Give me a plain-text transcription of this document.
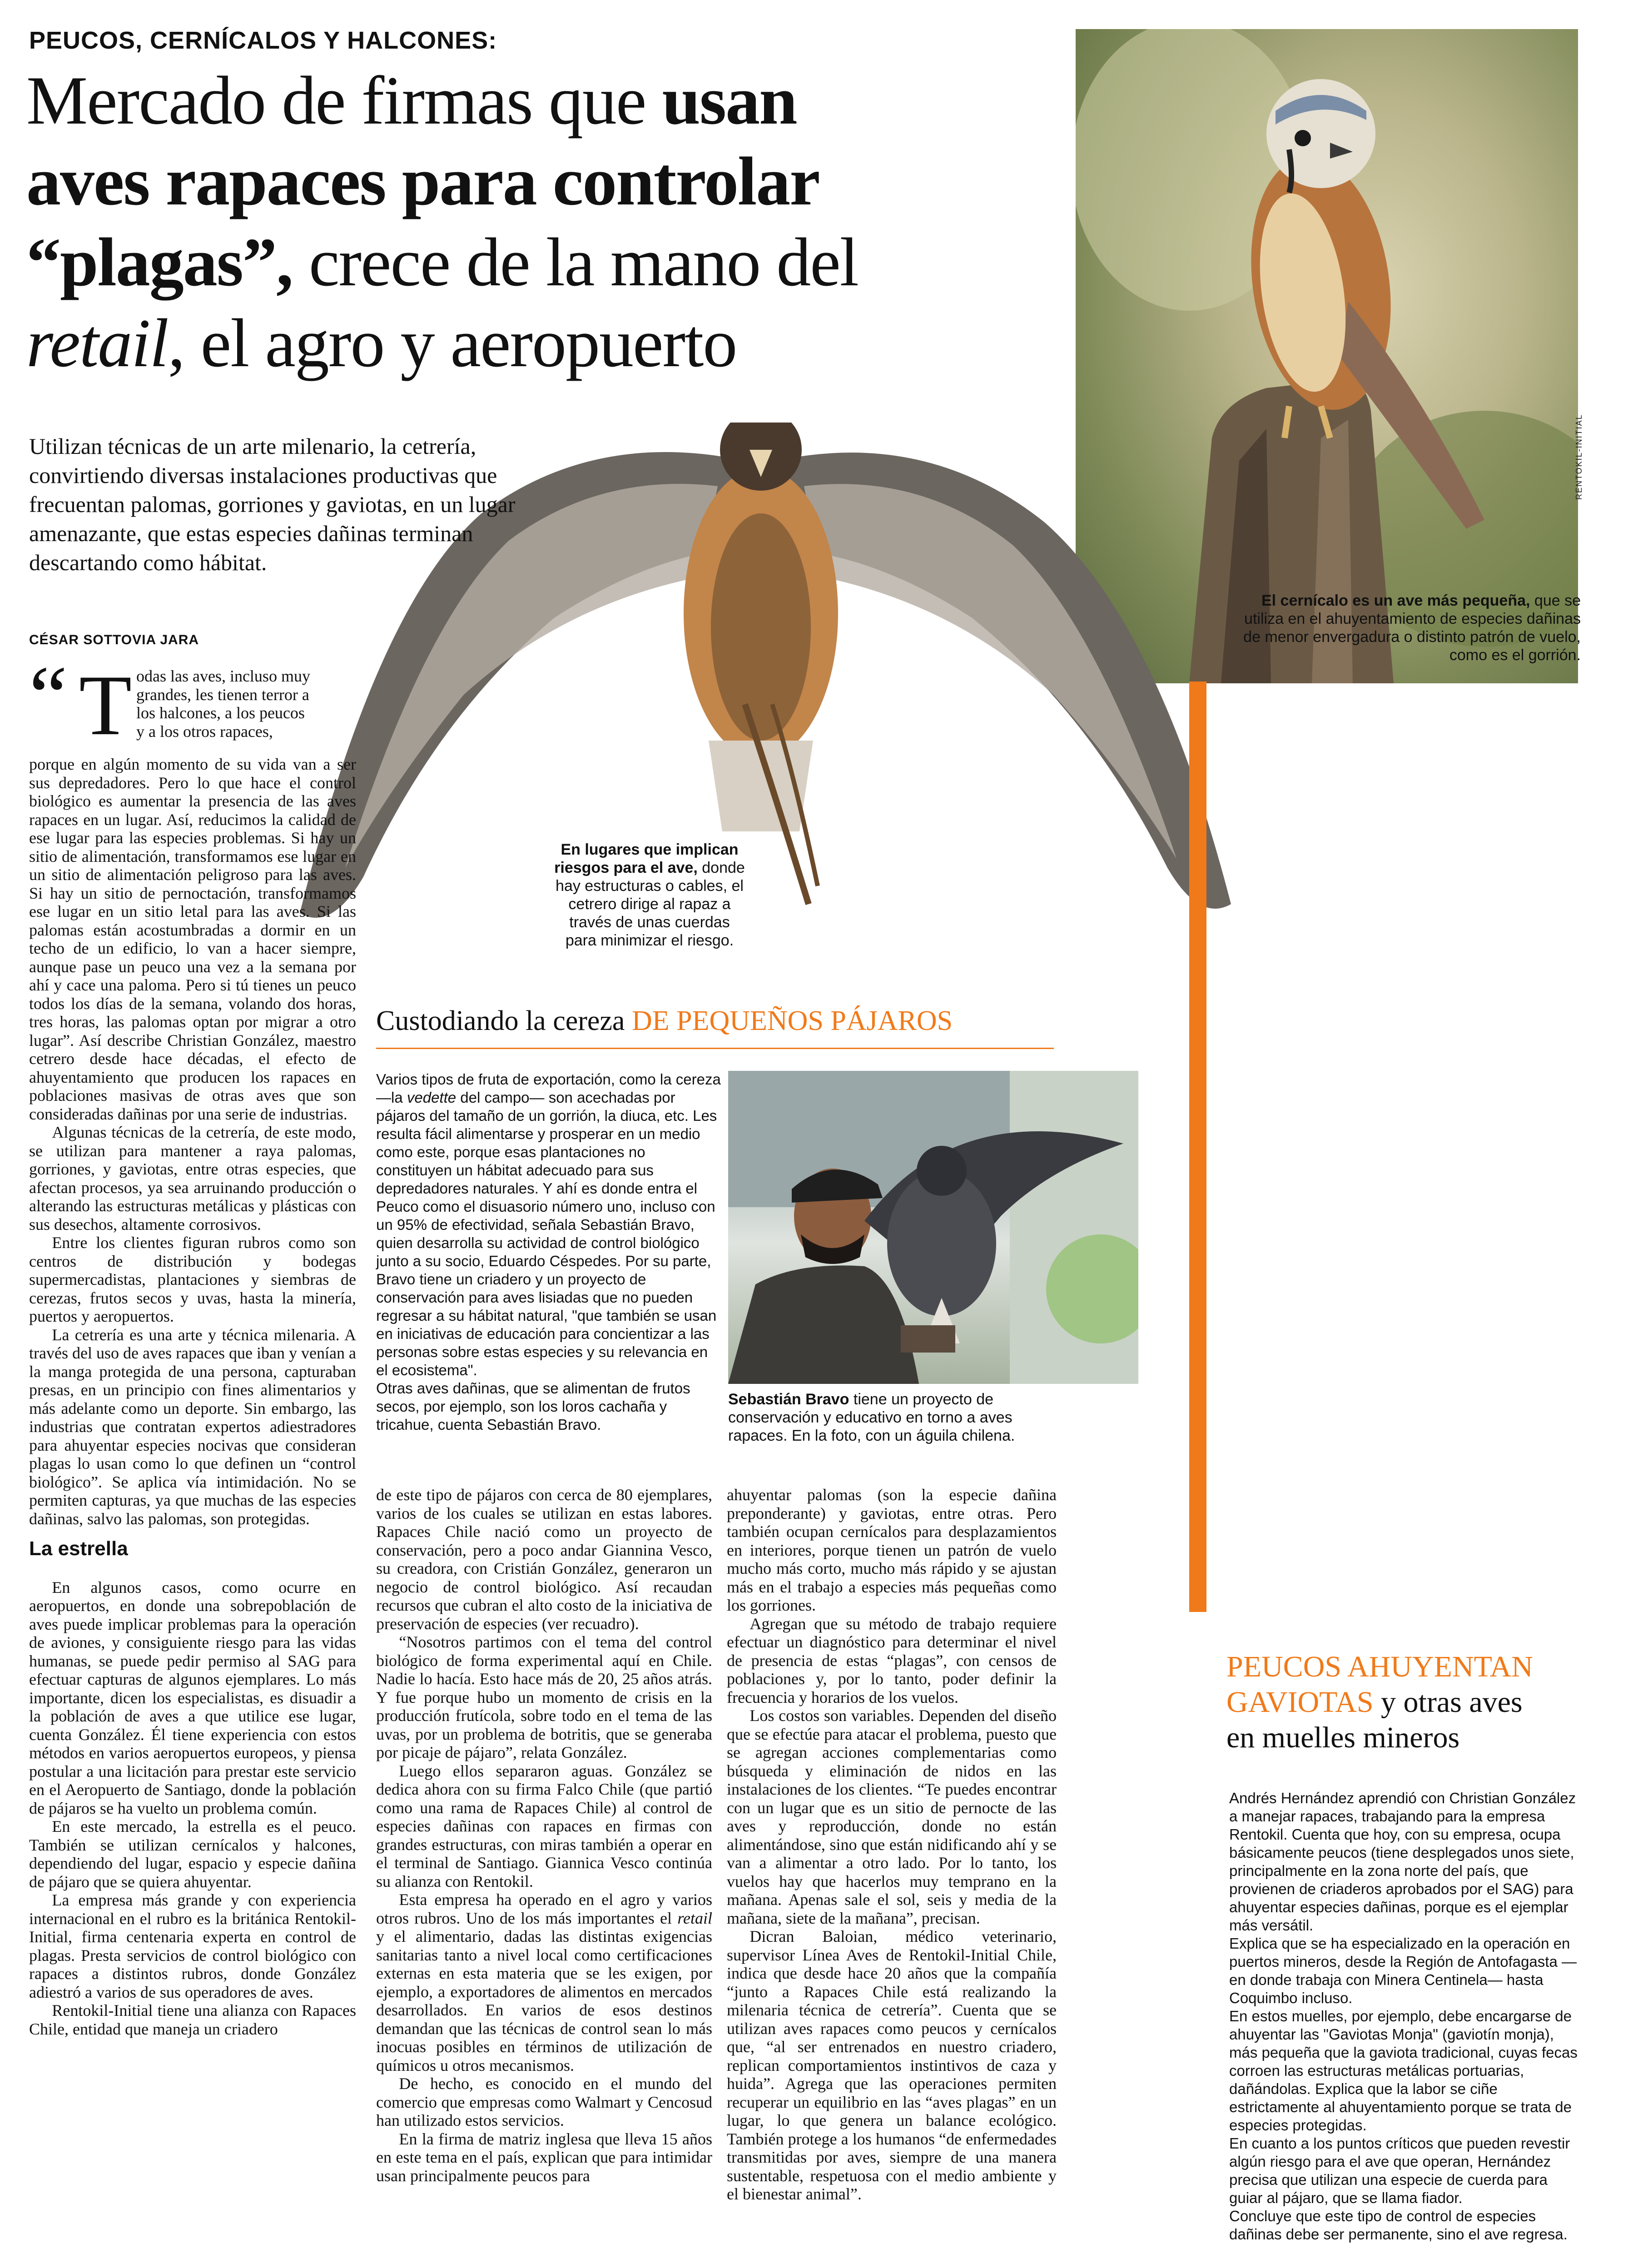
PEUCOS, CERNÍCALOS Y HALCONES:
Mercado de firmas que usan
aves rapaces para controlar
“plagas”, crece de la mano del
retail, el agro y aeropuerto
Utilizan técnicas de un arte milenario, la cetrería, convirtiendo diversas instalaciones productivas que frecuentan palomas, gorriones y gaviotas, en un lugar amenazante, que estas especies dañinas terminan descartando como hábitat.
CÉSAR SOTTOVIA JARA
RENTOKIL-INITIAL
El cernícalo es un ave más pequeña, que se utiliza en el ahuyentamiento de especies dañinas de menor envergadura o distinto patrón de vuelo, como es el gorrión.
En lugares que implican riesgos para el ave, donde hay estructuras o cables, el cetrero dirige al rapaz a través de unas cuerdas para minimizar el riesgo.
“ T odas las aves, incluso muy
grandes, les tienen terror a
los halcones, a los peucos
y a los otros rapaces,

porque en algún momento de su vida van a ser sus depredadores. Pero lo que hace el control biológico es aumentar la presencia de las aves rapaces en un lugar. Así, reducimos la calidad de ese lugar para las especies problemas. Si hay un sitio de alimentación, transformamos ese lugar en un sitio de alimentación peligroso para las aves. Si hay un sitio de pernoctación, transformamos ese lugar en un sitio letal para las aves. Si las palomas están acostumbradas a dormir en un techo de un edificio, lo van a hacer siempre, aunque pase un peuco una vez a la semana por ahí y cace una paloma. Pero si tú tienes un peuco todos los días de la semana, volando dos horas, tres horas, las palomas optan por migrar a otro lugar”. Así describe Christian González, maestro cetrero desde hace décadas, el efecto de ahuyentamiento que producen los rapaces en poblaciones masivas de otras aves que son consideradas dañinas por una serie de industrias.

Algunas técnicas de la cetrería, de este modo, se utilizan para mantener a raya palomas, gorriones, y gaviotas, entre otras especies, que afectan procesos, ya sea arruinando producción o alterando las estructuras metálicas y plásticas con sus desechos, altamente corrosivos.

Entre los clientes figuran rubros como son centros de distribución y bodegas supermercadistas, plantaciones y siembras de cerezas, frutos secos y uvas, hasta la minería, puertos y aeropuertos.

La cetrería es una arte y técnica milenaria. A través del uso de aves rapaces que iban y venían a la manga protegida de una persona, capturaban presas, en un principio con fines alimentarios y más adelante como un deporte. Sin embargo, las industrias que contratan expertos adiestradores para ahuyentar especies nocivas que consideran plagas lo usan como lo que definen un “control biológico”. Se aplica vía intimidación. No se permiten capturas, ya que muchas de las especies dañinas, salvo las palomas, son protegidas.

La estrella

En algunos casos, como ocurre en aeropuertos, en donde una sobrepoblación de aves puede implicar problemas para la operación de aviones, y consiguiente riesgo para las vidas humanas, se puede pedir permiso al SAG para efectuar capturas de algunos ejemplares. Lo más importante, dicen los especialistas, es disuadir a la población de aves a que utilice ese lugar, cuenta González. Él tiene experiencia con estos métodos en varios aeropuertos europeos, y piensa postular a una licitación para prestar este servicio en el Aeropuerto de Santiago, donde la población de pájaros se ha vuelto un problema común.

En este mercado, la estrella es el peuco. También se utilizan cernícalos y halcones, dependiendo del lugar, espacio y especie dañina de pájaro que se quiera ahuyentar.

La empresa más grande y con experiencia internacional en el rubro es la británica Rentokil-Initial, firma centenaria experta en control de plagas. Presta servicios de control biológico con rapaces a distintos rubros, donde González adiestró a varios de sus operadores de aves.

Rentokil-Initial tiene una alianza con Rapaces Chile, entidad que maneja un criadero

Custodiando la cereza DE PEQUEÑOS PÁJAROS
Varios tipos de fruta de exportación, como la cereza —la vedette del campo— son acechadas por pájaros del tamaño de un gorrión, la diuca, etc. Les resulta fácil alimentarse y prosperar en un medio como este, porque esas plantaciones no constituyen un hábitat adecuado para sus depredadores naturales. Y ahí es donde entra el Peuco como el disuasorio número uno, incluso con un 95% de efectividad, señala Sebastián Bravo, quien desarrolla su actividad de control biológico junto a su socio, Eduardo Céspedes. Por su parte, Bravo tiene un criadero y un proyecto de conservación para aves lisiadas que no pueden regresar a su hábitat natural, "que también se usan en iniciativas de educación para concientizar a las personas sobre estas especies y su relevancia en el ecosistema".
Otras aves dañinas, que se alimentan de frutos secos, por ejemplo, son los loros cachaña y tricahue, cuenta Sebastián Bravo.
Sebastián Bravo tiene un proyecto de conservación y educativo en torno a aves rapaces. En la foto, con un águila chilena.

de este tipo de pájaros con cerca de 80 ejemplares, varios de los cuales se utilizan en estas labores. Rapaces Chile nació como un proyecto de conservación, pero a poco andar Giannina Vesco, su creadora, con Cristián González, generaron un negocio de control biológico. Así recaudan recursos que cubran el alto costo de la iniciativa de preservación de especies (ver recuadro).

“Nosotros partimos con el tema del control biológico de forma experimental aquí en Chile. Nadie lo hacía. Esto hace más de 20, 25 años atrás. Y fue porque hubo un momento de crisis en la producción frutícola, sobre todo en el tema de las uvas, por un problema de botritis, que se generaba por picaje de pájaro”, relata González.

Luego ellos separaron aguas. González se dedica ahora con su firma Falco Chile (que partió como una rama de Rapaces Chile) al control de especies dañinas con rapaces en firmas con grandes estructuras, con miras también a operar en el terminal de Santiago. Giannica Vesco continúa su alianza con Rentokil.

Esta empresa ha operado en el agro y varios otros rubros. Uno de los más importantes el retail y el alimentario, dadas las distintas exigencias sanitarias tanto a nivel local como certificaciones externas en esta materia que se les exigen, por ejemplo, a exportadores de alimentos en mercados desarrollados. En varios de esos destinos demandan que las técnicas de control sean lo más inocuas posibles en términos de utilización de químicos u otros mecanismos.

De hecho, es conocido en el mundo del comercio que empresas como Walmart y Cencosud han utilizado estos servicios.

En la firma de matriz inglesa que lleva 15 años en este tema en el país, explican que para intimidar usan principalmente peucos para

ahuyentar palomas (son la especie dañina preponderante) y gaviotas, entre otras. Pero también ocupan cernícalos para desplazamientos en interiores, porque tienen un patrón de vuelo mucho más corto, mucho más rápido y se ajustan más en el trabajo a especies más pequeñas como los gorriones.

Agregan que su método de trabajo requiere efectuar un diagnóstico para determinar el nivel de presencia de estas “plagas”, con censos de poblaciones y, por lo tanto, poder definir la frecuencia y horarios de los vuelos.

Los costos son variables. Dependen del diseño que se efectúe para atacar el problema, puesto que se agregan acciones complementarias como búsqueda y eliminación de nidos en las instalaciones de los clientes. “Te puedes encontrar con un lugar que es un sitio de pernocte de las aves y reproducción, donde no están alimentándose, sino que están nidificando ahí y se van a alimentar a otro lado. Por lo tanto, los vuelos hay que hacerlos muy temprano en la mañana. Apenas sale el sol, seis y media de la mañana, siete de la mañana”, precisan.

Dicran Baloian, médico veterinario, supervisor Línea Aves de Rentokil-Initial Chile, indica que desde hace 20 años que la compañía “junto a Rapaces Chile está realizando la milenaria técnica de cetrería”. Cuenta que se utilizan aves rapaces como peucos y cernícalos que, “al ser entrenados en nuestro criadero, replican comportamientos instintivos de caza y huida”. Agrega que las operaciones permiten recuperar un equilibrio en las “aves plagas” en un lugar, lo que genera un balance ecológico. También protege a los humanos “de enfermedades transmitidas por aves, siempre de una manera sustentable, respetuosa con el medio ambiente y el bienestar animal”.

PEUCOS AHUYENTAN
GAVIOTAS y otras aves
en muelles mineros
Andrés Hernández aprendió con Christian González a manejar rapaces, trabajando para la empresa Rentokil. Cuenta que hoy, con su empresa, ocupa básicamente peucos (tiene desplegados unos siete, principalmente en la zona norte del país, que provienen de criaderos aprobados por el SAG) para ahuyentar especies dañinas, porque es el ejemplar más versátil.
Explica que se ha especializado en la operación en puertos mineros, desde la Región de Antofagasta —en donde trabaja con Minera Centinela— hasta Coquimbo incluso.
En estos muelles, por ejemplo, debe encargarse de ahuyentar las "Gaviotas Monja" (gaviotín monja), más pequeña que la gaviota tradicional, cuyas fecas corroen las estructuras metálicas portuarias, dañándolas. Explica que la labor se ciñe estrictamente al ahuyentamiento porque se trata de especies protegidas.
En cuanto a los puntos críticos que pueden revestir algún riesgo para el ave que operan, Hernández precisa que utilizan una especie de cuerda para guiar al pájaro, que se llama fiador.
Concluye que este tipo de control de especies dañinas debe ser permanente, sino el ave regresa.
